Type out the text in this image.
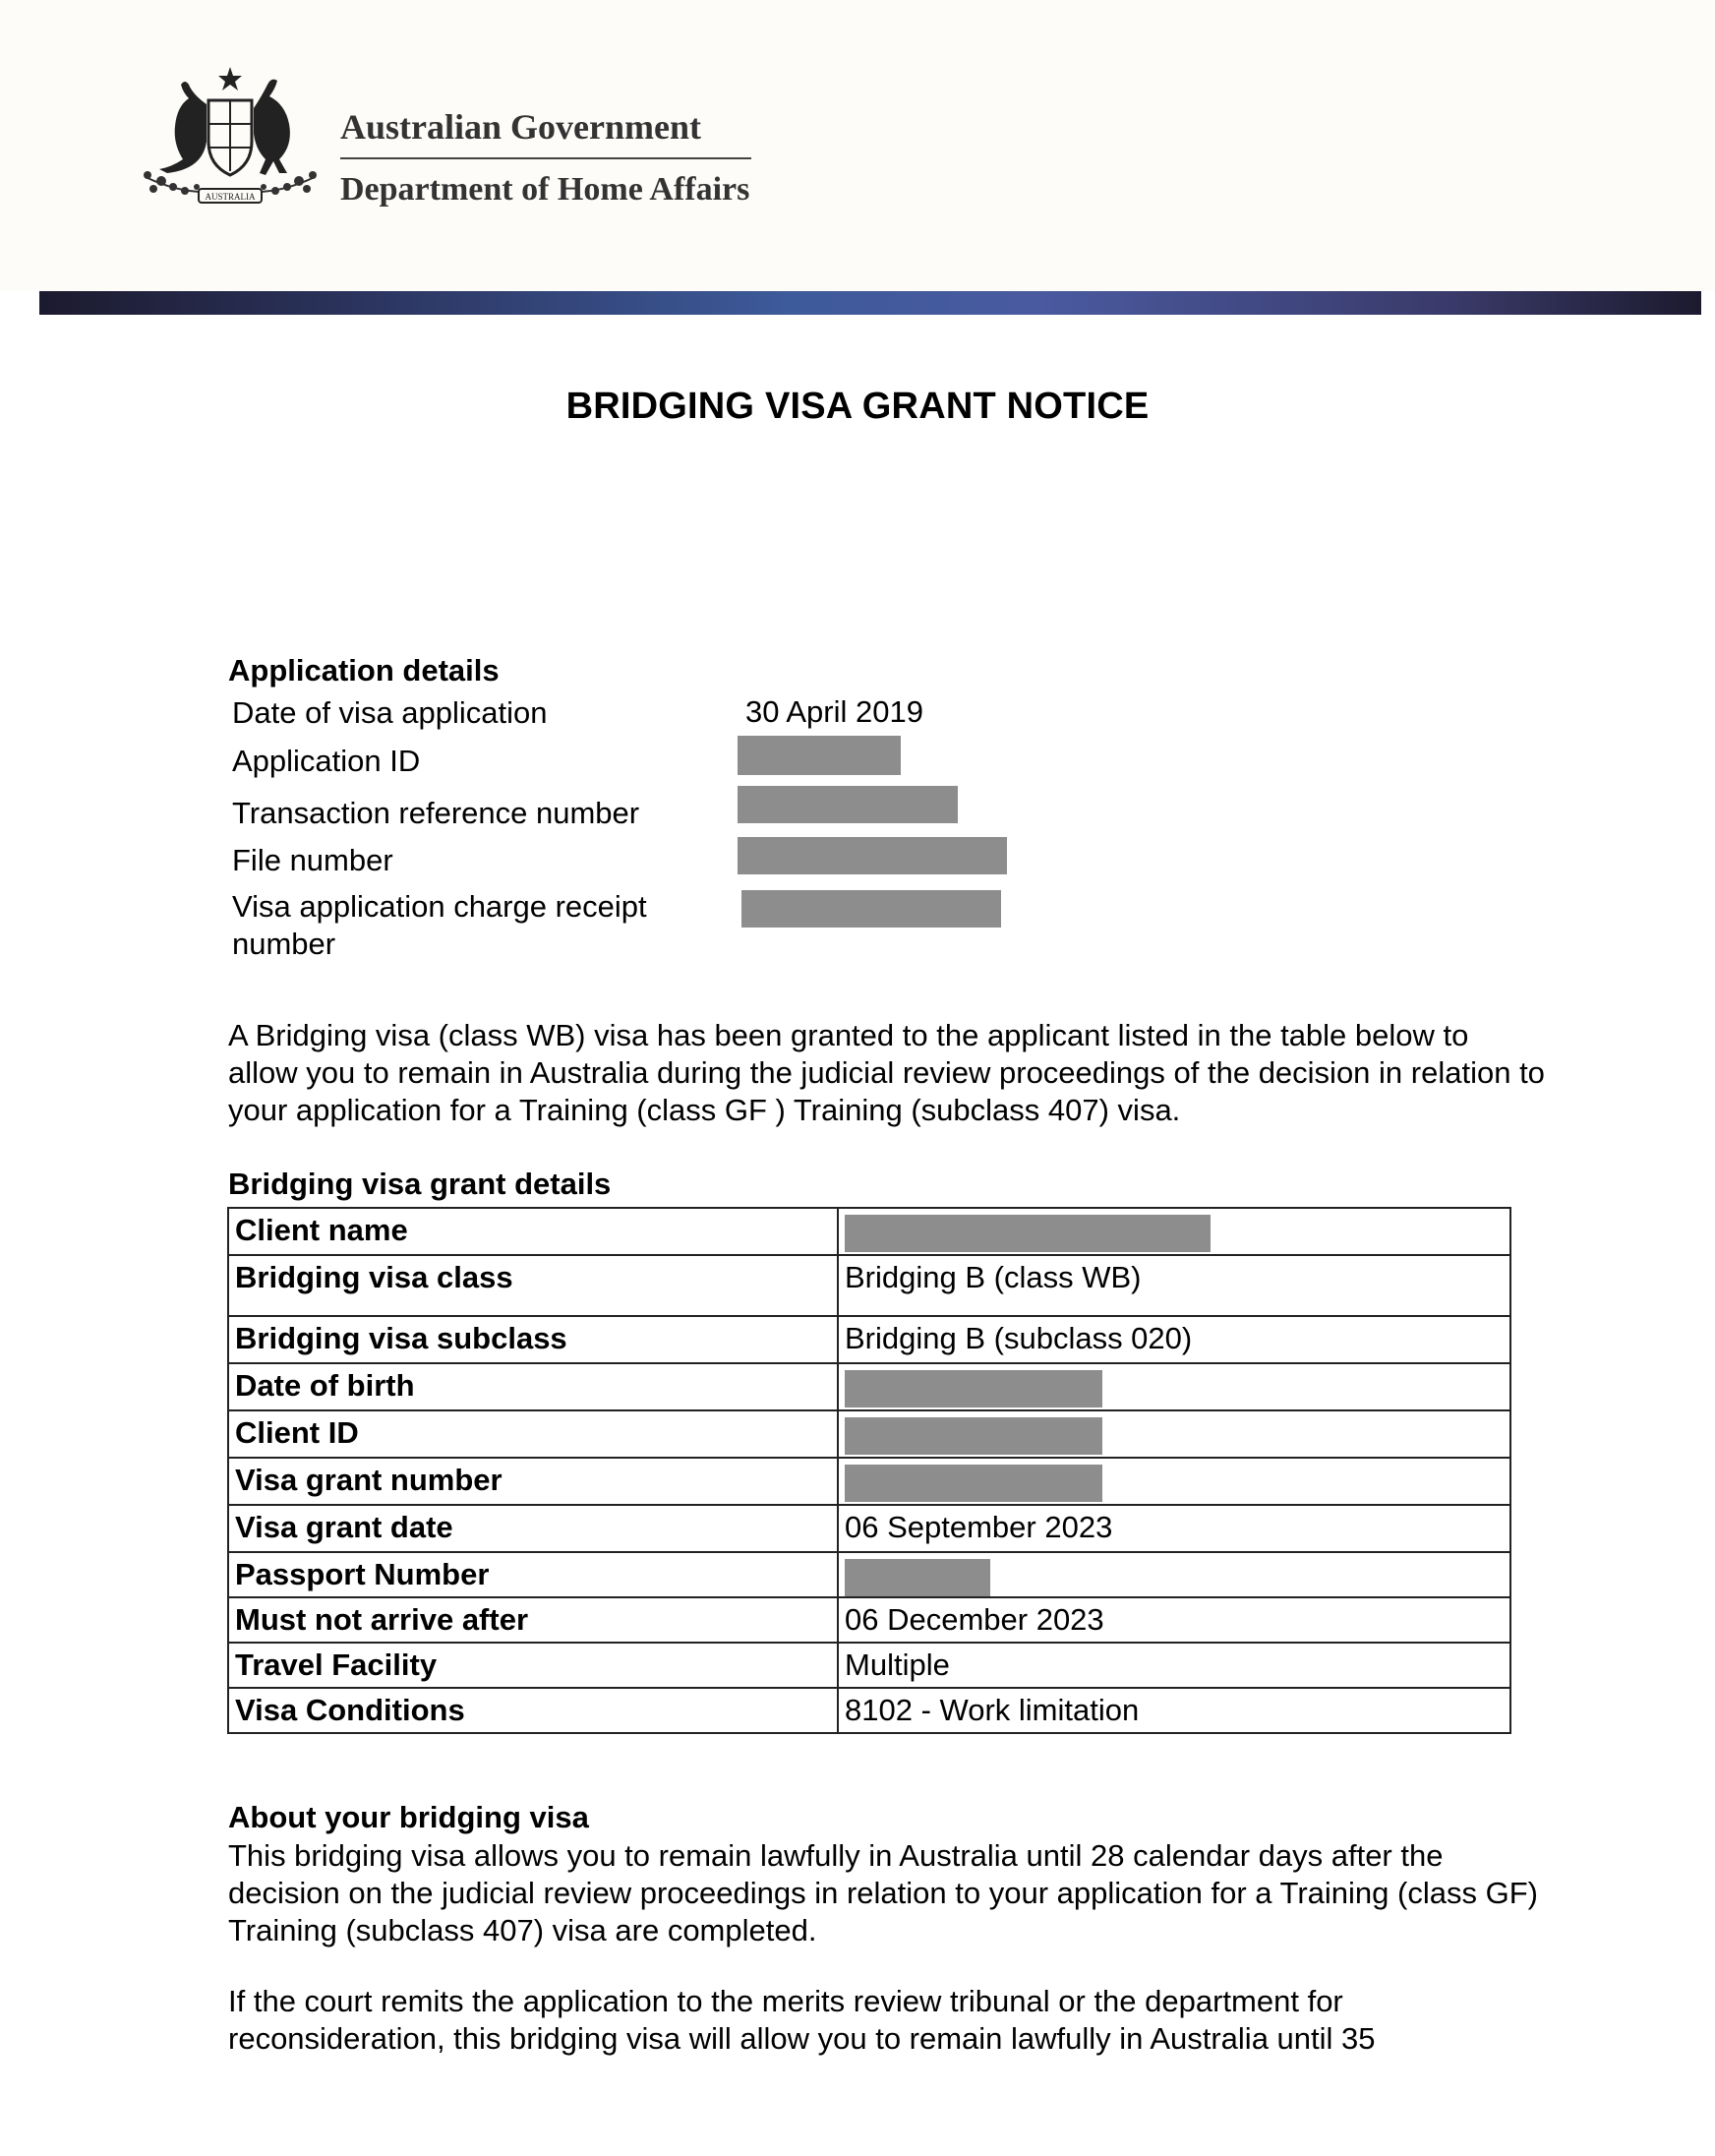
AUSTRALIA
Australian Government
Department of Home Affairs
BRIDGING VISA GRANT NOTICE
Application details
Date of visa application	30 April 2019
Application ID
Transaction reference number
File number
Visa application charge receipt number

A Bridging visa (class WB) visa has been granted to the applicant listed in the table below to allow you to remain in Australia during the judicial review proceedings of the decision in relation to your application for a Training (class GF ) Training (subclass 407) visa.

Bridging visa grant details
Client name	
Bridging visa class	Bridging B (class WB)
Bridging visa subclass	Bridging B (subclass 020)
Date of birth	
Client ID	
Visa grant number	
Visa grant date	06 September 2023
Passport Number	
Must not arrive after	06 December 2023
Travel Facility	Multiple
Visa Conditions	8102 - Work limitation
About your bridging visa

This bridging visa allows you to remain lawfully in Australia until 28 calendar days after the decision on the judicial review proceedings in relation to your application for a Training (class GF) Training (subclass 407) visa are completed.

If the court remits the application to the merits review tribunal or the department for reconsideration, this bridging visa will allow you to remain lawfully in Australia until 35
